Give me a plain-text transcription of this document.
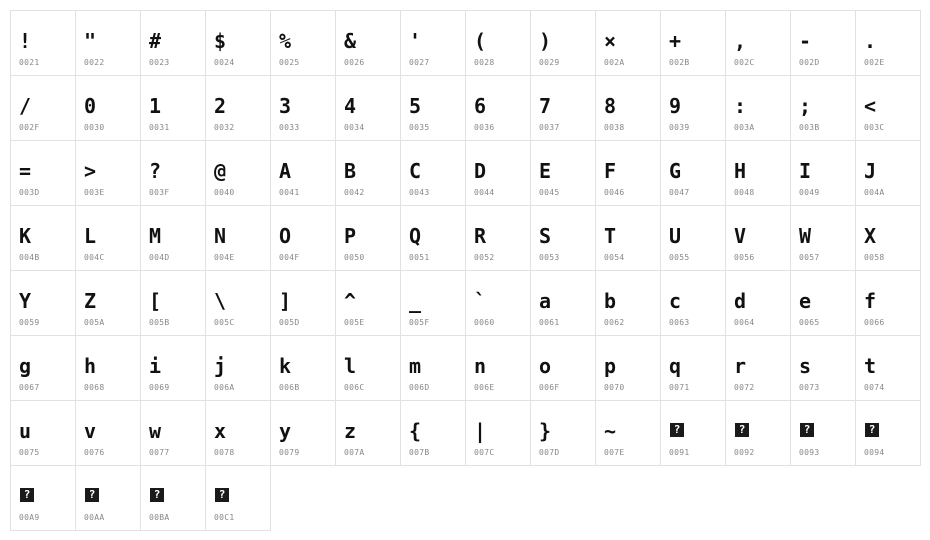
!
0021
"
0022
#
0023
$
0024
%
0025
&
0026
'
0027
(
0028
)
0029
×
002A
+
002B
,
002C
-
002D
.
002E
/
002F
0
0030
1
0031
2
0032
3
0033
4
0034
5
0035
6
0036
7
0037
8
0038
9
0039
:
003A
;
003B
<
003C
=
003D
>
003E
?
003F
@
0040
A
0041
B
0042
C
0043
D
0044
E
0045
F
0046
G
0047
H
0048
I
0049
J
004A
K
004B
L
004C
M
004D
N
004E
O
004F
P
0050
Q
0051
R
0052
S
0053
T
0054
U
0055
V
0056
W
0057
X
0058
Y
0059
Z
005A
[
005B
\
005C
]
005D
^
005E
_
005F
`
0060
a
0061
b
0062
c
0063
d
0064
e
0065
f
0066
g
0067
h
0068
i
0069
j
006A
k
006B
l
006C
m
006D
n
006E
o
006F
p
0070
q
0071
r
0072
s
0073
t
0074
u
0075
v
0076
w
0077
x
0078
y
0079
z
007A
{
007B
|
007C
}
007D
~
007E
?
0091
?
0092
?
0093
?
0094
?
00A9
?
00AA
?
00BA
?
00C1
